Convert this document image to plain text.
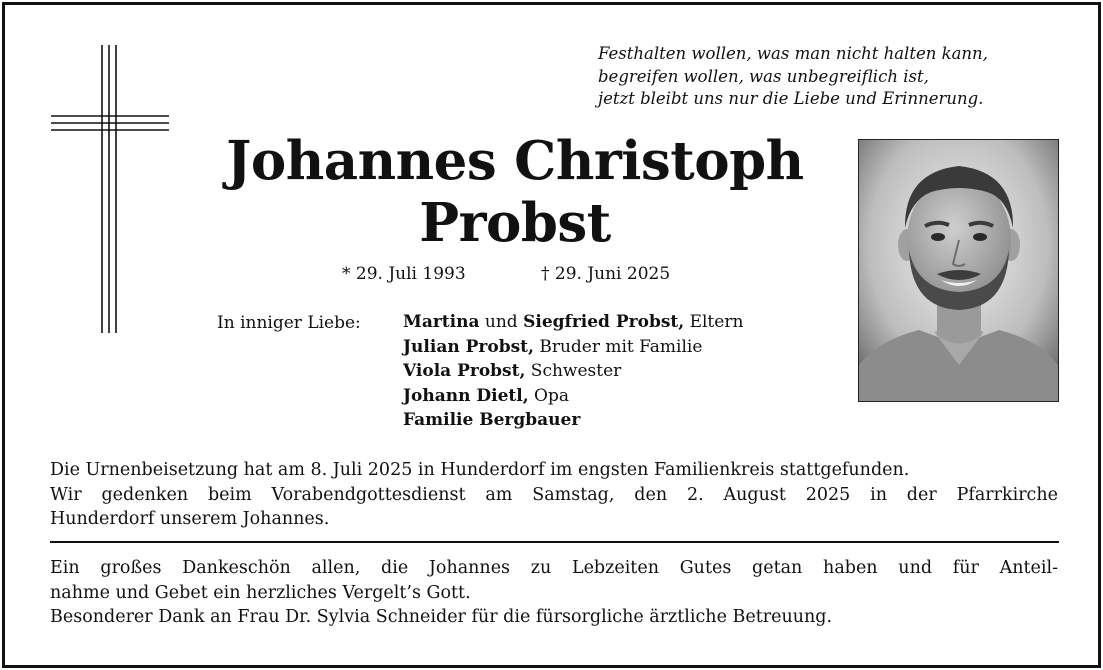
Festhalten wollen, was man nicht halten kann,
begreifen wollen, was unbegreiflich ist,
jetzt bleibt uns nur die Liebe und Erinnerung.
Johannes Christoph
Probst
* 29. Juli 1993	† 29. Juni 2025
In inniger Liebe: Martina und Siegfried Probst, Eltern
Julian Probst, Bruder mit Familie
Viola Probst, Schwester
Johann Dietl, Opa
Familie Bergbauer
Die Urnenbeisetzung hat am 8. Juli 2025 in Hunderdorf im engsten Familienkreis stattgefunden.
Wir gedenken beim Vorabendgottesdienst am Samstag, den 2. August 2025 in der Pfarrkirche
Hunderdorf unserem Johannes.
Ein großes Dankeschön allen, die Johannes zu Lebzeiten Gutes getan haben und für Anteil-
nahme und Gebet ein herzliches Vergelt’s Gott.
Besonderer Dank an Frau Dr. Sylvia Schneider für die fürsorgliche ärztliche Betreuung.
